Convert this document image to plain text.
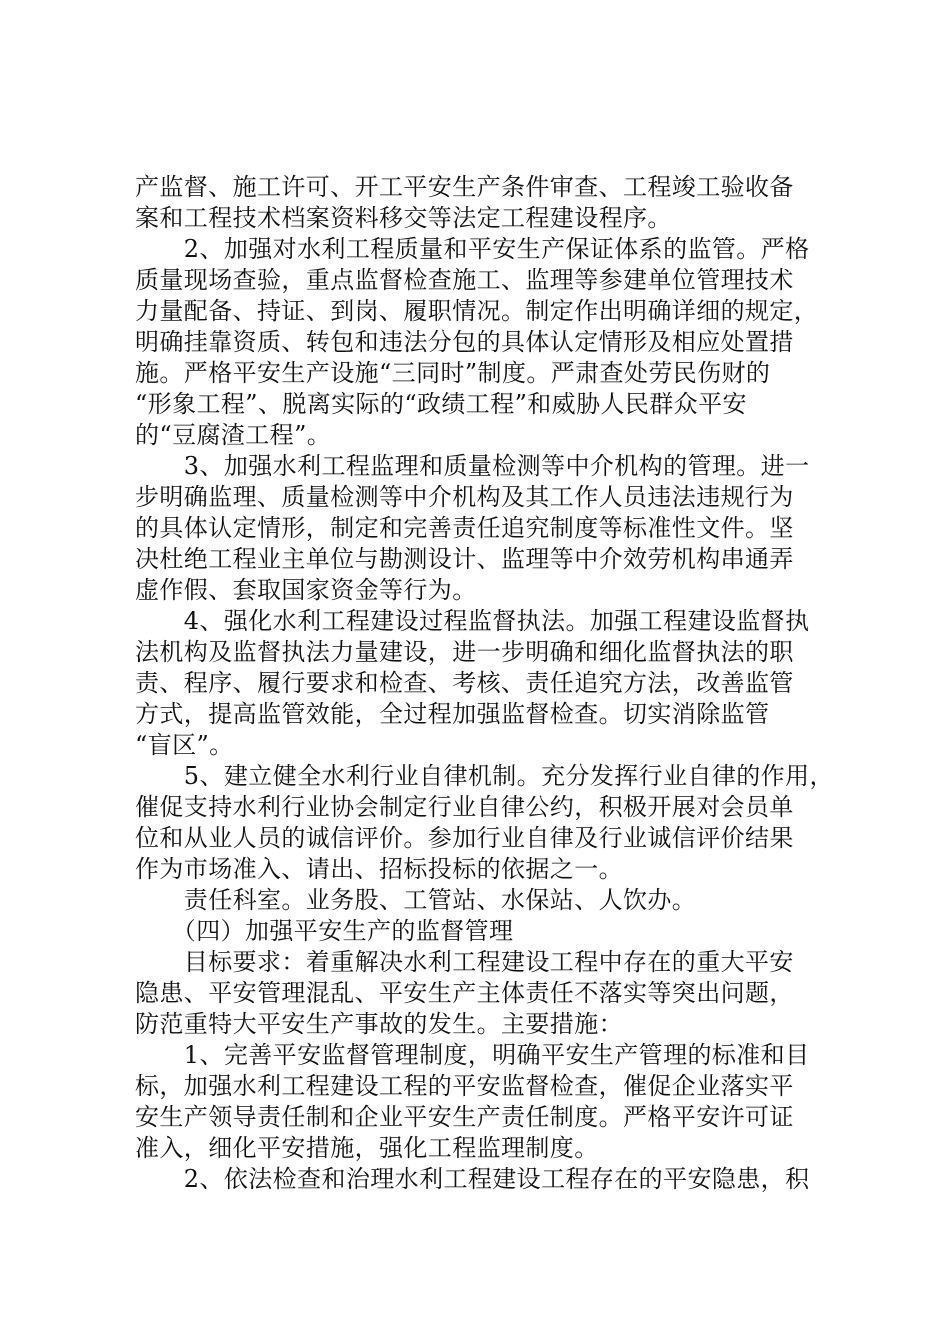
产监督、施工许可、开工平安生产条件审查、工程竣工验收备
案和工程技术档案资料移交等法定工程建设程序。
　　2、加强对水利工程质量和平安生产保证体系的监管。严格
质量现场查验，重点监督检查施工、监理等参建单位管理技术
力量配备、持证、到岗、履职情况。制定作出明确详细的规定，
明确挂靠资质、转包和违法分包的具体认定情形及相应处置措
施。严格平安生产设施“三同时”制度。严肃查处劳民伤财的
“形象工程”、脱离实际的“政绩工程”和威胁人民群众平安
的“豆腐渣工程”。
　　3、加强水利工程监理和质量检测等中介机构的管理。进一
步明确监理、质量检测等中介机构及其工作人员违法违规行为
的具体认定情形，制定和完善责任追究制度等标准性文件。坚
决杜绝工程业主单位与勘测设计、监理等中介效劳机构串通弄
虚作假、套取国家资金等行为。
　　4、强化水利工程建设过程监督执法。加强工程建设监督执
法机构及监督执法力量建设，进一步明确和细化监督执法的职
责、程序、履行要求和检查、考核、责任追究方法，改善监管
方式，提高监管效能，全过程加强监督检查。切实消除监管
“盲区”。
　　5、建立健全水利行业自律机制。充分发挥行业自律的作用，
催促支持水利行业协会制定行业自律公约，积极开展对会员单
位和从业人员的诚信评价。参加行业自律及行业诚信评价结果
作为市场准入、请出、招标投标的依据之一。
　　责任科室。业务股、工管站、水保站、人饮办。
　　（四）加强平安生产的监督管理
　　目标要求：着重解决水利工程建设工程中存在的重大平安
隐患、平安管理混乱、平安生产主体责任不落实等突出问题，
防范重特大平安生产事故的发生。主要措施：
　　1、完善平安监督管理制度，明确平安生产管理的标准和目
标，加强水利工程建设工程的平安监督检查，催促企业落实平
安生产领导责任制和企业平安生产责任制度。严格平安许可证
准入，细化平安措施，强化工程监理制度。
　　2、依法检查和治理水利工程建设工程存在的平安隐患，积
